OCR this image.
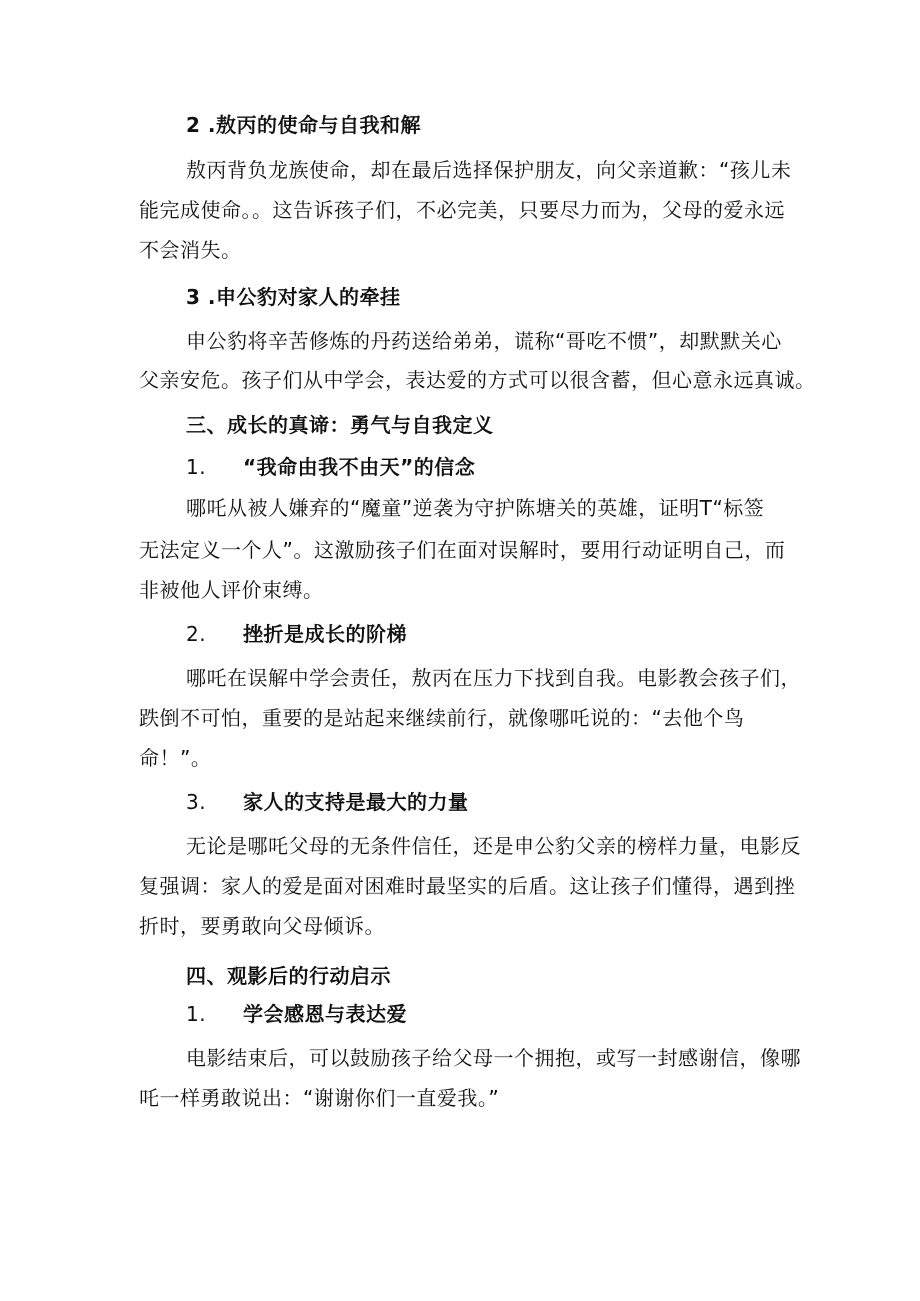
2 .敖丙的使命与自我和解
敖丙背负龙族使命，却在最后选择保护朋友，向父亲道歉：“孩儿未
能完成使命。。这告诉孩子们，不必完美，只要尽力而为，父母的爱永远
不会消失。
3 .申公豹对家人的牵挂
申公豹将辛苦修炼的丹药送给弟弟，谎称“哥吃不惯”，却默默关心
父亲安危。孩子们从中学会，表达爱的方式可以很含蓄，但心意永远真诚。
三、成长的真谛：勇气与自我定义
1. “我命由我不由天”的信念
哪吒从被人嫌弃的“魔童”逆袭为守护陈塘关的英雄，证明T“标签
无法定义一个人”。这激励孩子们在面对误解时，要用行动证明自己，而
非被他人评价束缚。
2. 挫折是成长的阶梯
哪吒在误解中学会责任，敖丙在压力下找到自我。电影教会孩子们，
跌倒不可怕，重要的是站起来继续前行，就像哪吒说的：“去他个鸟
命！”。
3. 家人的支持是最大的力量
无论是哪吒父母的无条件信任，还是申公豹父亲的榜样力量，电影反
复强调：家人的爱是面对困难时最坚实的后盾。这让孩子们懂得，遇到挫
折时，要勇敢向父母倾诉。
四、观影后的行动启示
1. 学会感恩与表达爱
电影结束后，可以鼓励孩子给父母一个拥抱，或写一封感谢信，像哪
吒一样勇敢说出：“谢谢你们一直爱我。”
